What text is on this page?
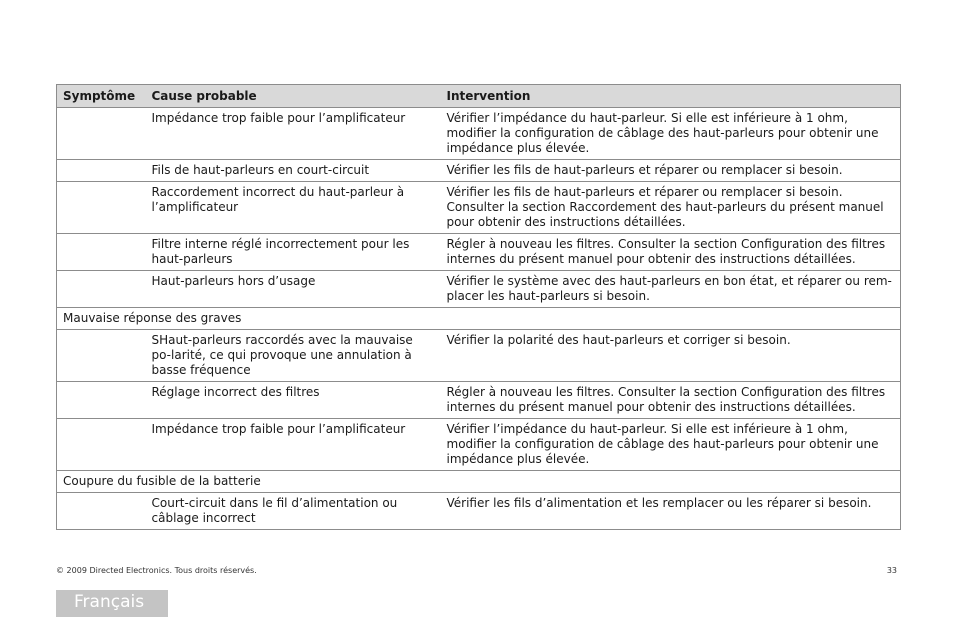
Symptôme	Cause probable	Intervention
	Impédance trop faible pour l’amplificateur	Vérifier l’impédance du haut-parleur. Si elle est inférieure à 1 ohm, modifier la configuration de câblage des haut-parleurs pour obtenir une impédance plus élevée.
	Fils de haut-parleurs en court-circuit	Vérifier les fils de haut-parleurs et réparer ou remplacer si besoin.
	Raccordement incorrect du haut-parleur à l’amplificateur	Vérifier les fils de haut-parleurs et réparer ou remplacer si besoin. Consulter la section Raccordement des haut-parleurs du présent manuel pour obtenir des instructions détaillées.
	Filtre interne réglé incorrectement pour les haut-parleurs	Régler à nouveau les filtres. Consulter la section Configuration des filtres internes du présent manuel pour obtenir des instructions détaillées.
	Haut-parleurs hors d’usage	Vérifier le système avec des haut-parleurs en bon état, et réparer ou rem-placer les haut-parleurs si besoin.
Mauvaise réponse des graves		
	SHaut-parleurs raccordés avec la mauvaise po-larité, ce qui provoque une annulation à basse fréquence	Vérifier la polarité des haut-parleurs et corriger si besoin.
	Réglage incorrect des filtres	Régler à nouveau les filtres. Consulter la section Configuration des filtres internes du présent manuel pour obtenir des instructions détaillées.
	Impédance trop faible pour l’amplificateur	Vérifier l’impédance du haut-parleur. Si elle est inférieure à 1 ohm, modifier la configuration de câblage des haut-parleurs pour obtenir une impédance plus élevée.
Coupure du fusible de la batterie		
	Court-circuit dans le fil d’alimentation ou câblage incorrect	Vérifier les fils d’alimentation et les remplacer ou les réparer si besoin.
© 2009 Directed Electronics. Tous droits réservés.	33
Français
